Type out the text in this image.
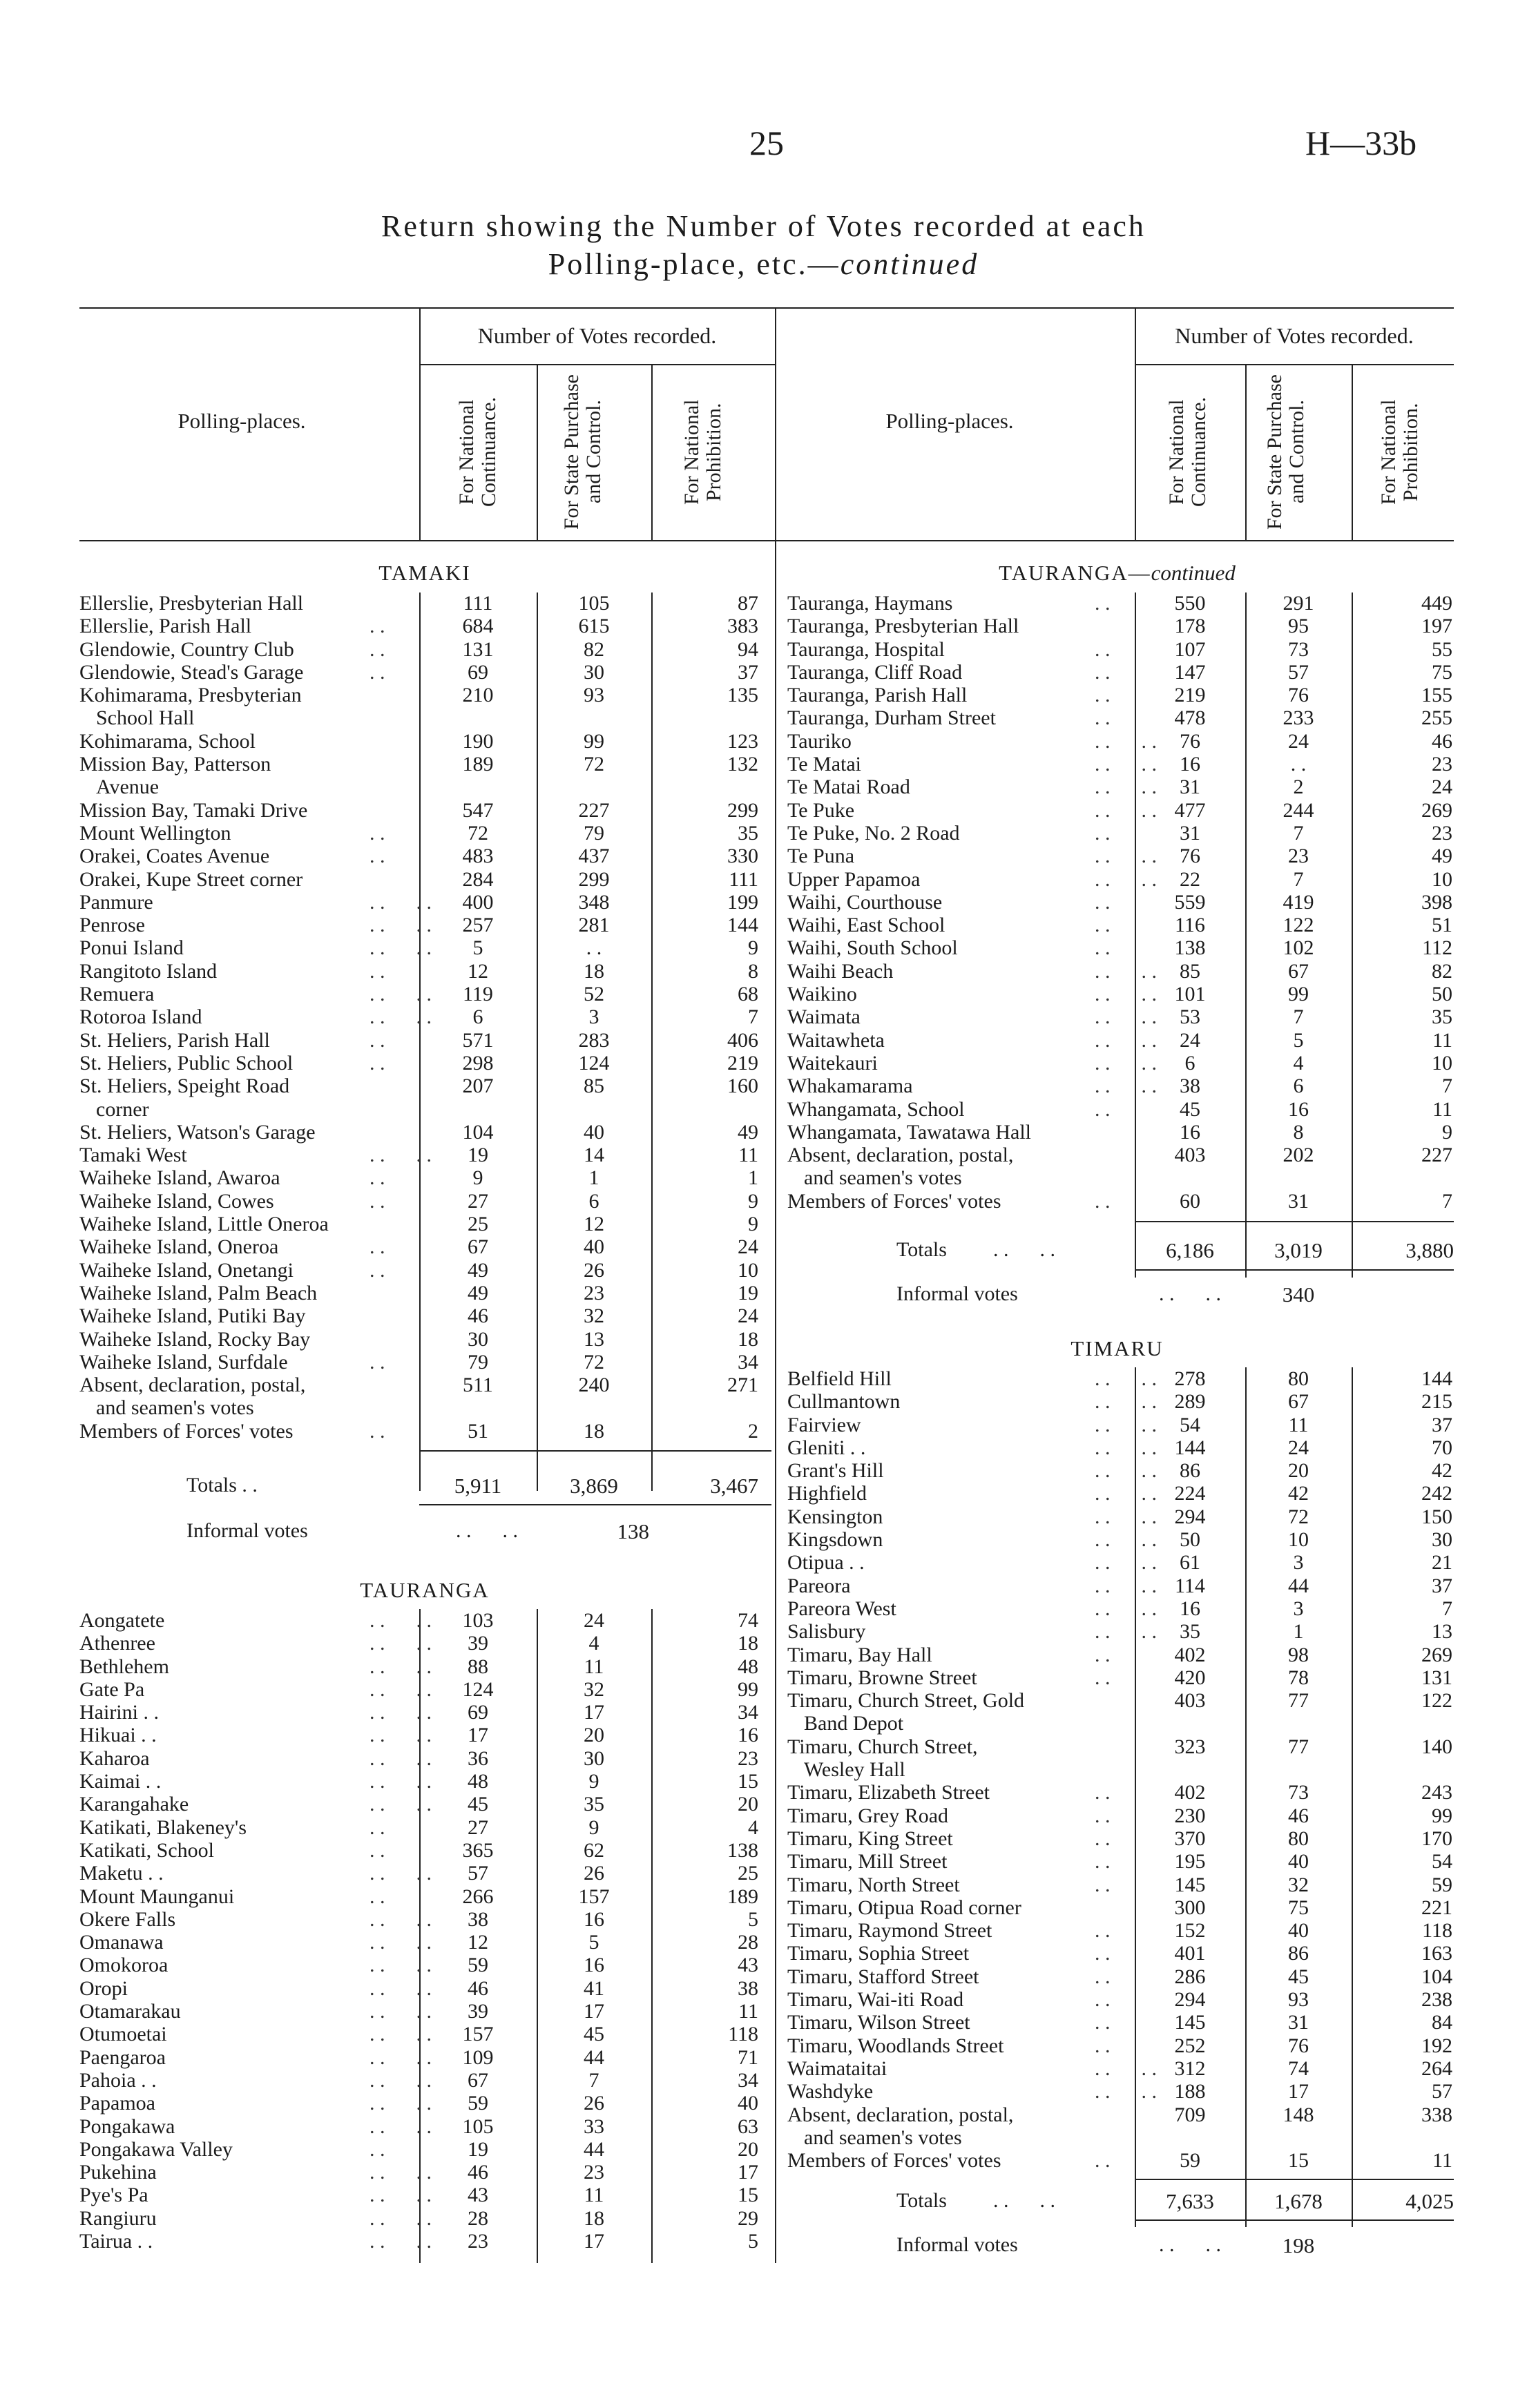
25	H—33b
Return showing the Number of Votes recorded at each
Polling-place, etc.—continued
Polling-places.
Number of Votes recorded.
For National Continuance.	For State Purchase and Control.	For National Prohibition.	Polling-places.
Number of Votes recorded.
For National Continuance.	For State Purchase and Control.	For National Prohibition.
TAMAKI
Ellerslie, Presbyterian Hall	111	105	87
Ellerslie, Parish Hall	. .	684	615	383
Glendowie, Country Club	. .	131	82	94
Glendowie, Stead's Garage	. .	69	30	37
Kohimarama, Presbyterian	210	93	135
School Hall
Kohimarama, School	190	99	123
Mission Bay, Patterson	189	72	132
Avenue
Mission Bay, Tamaki Drive	547	227	299
Mount Wellington	. .	72	79	35
Orakei, Coates Avenue	. .	483	437	330
Orakei, Kupe Street corner	284	299	111
Panmure	. .      . .	400	348	199
Penrose	. .      . .	257	281	144
Ponui Island	. .      . .	5	. .	9
Rangitoto Island	. .	12	18	8
Remuera	. .      . .	119	52	68
Rotoroa Island	. .      . .	6	3	7
St. Heliers, Parish Hall	. .	571	283	406
St. Heliers, Public School	. .	298	124	219
St. Heliers, Speight Road	207	85	160
corner
St. Heliers, Watson's Garage	104	40	49
Tamaki West	. .      . .	19	14	11
Waiheke Island, Awaroa	. .	9	1	1
Waiheke Island, Cowes	. .	27	6	9
Waiheke Island, Little Oneroa	25	12	9
Waiheke Island, Oneroa	. .	67	40	24
Waiheke Island, Onetangi	. .	49	26	10
Waiheke Island, Palm Beach	49	23	19
Waiheke Island, Putiki Bay	46	32	24
Waiheke Island, Rocky Bay	30	13	18
Waiheke Island, Surfdale	. .	79	72	34
Absent, declaration, postal,	511	240	271
and seamen's votes
Members of Forces' votes	. .	51	18	2
Totals . .	5,911	3,869	3,467
Informal votes	. .      . .	138
TAURANGA
Aongatete	. .      . .	103	24	74
Athenree	. .      . .	39	4	18
Bethlehem	. .      . .	88	11	48
Gate Pa	. .      . .	124	32	99
Hairini . .	. .      . .	69	17	34
Hikuai . .	. .      . .	17	20	16
Kaharoa	. .      . .	36	30	23
Kaimai . .	. .      . .	48	9	15
Karangahake	. .      . .	45	35	20
Katikati, Blakeney's	. .	27	9	4
Katikati, School	. .	365	62	138
Maketu . .	. .      . .	57	26	25
Mount Maunganui	. .	266	157	189
Okere Falls	. .      . .	38	16	5
Omanawa	. .      . .	12	5	28
Omokoroa	. .      . .	59	16	43
Oropi	. .      . .	46	41	38
Otamarakau	. .      . .	39	17	11
Otumoetai	. .      . .	157	45	118
Paengaroa	. .      . .	109	44	71
Pahoia . .	. .      . .	67	7	34
Papamoa	. .      . .	59	26	40
Pongakawa	. .      . .	105	33	63
Pongakawa Valley	. .	19	44	20
Pukehina	. .      . .	46	23	17
Pye's Pa	. .      . .	43	11	15
Rangiuru	. .      . .	28	18	29
Tairua . .	. .      . .	23	17	5
TAURANGA—continued
Tauranga, Haymans	. .	550	291	449
Tauranga, Presbyterian Hall	178	95	197
Tauranga, Hospital	. .	107	73	55
Tauranga, Cliff Road	. .	147	57	75
Tauranga, Parish Hall	. .	219	76	155
Tauranga, Durham Street	. .	478	233	255
Tauriko	. .      . .	76	24	46
Te Matai	. .      . .	16	. .	23
Te Matai Road	. .      . .	31	2	24
Te Puke	. .      . . 477	244	269
Te Puke, No. 2 Road	. .	31	7	23
Te Puna	. .      . .	76	23	49
Upper Papamoa	. .      . .	22	7	10
Waihi, Courthouse	. .	559	419	398
Waihi, East School	. .	116	122	51
Waihi, South School	. .	138	102	112
Waihi Beach	. .      . .	85	67	82
Waikino	. .      . . 101	99	50
Waimata	. .      . .	53	7	35
Waitawheta	. .      . .	24	5	11
Waitekauri	. .      . .	6	4	10
Whakamarama	. .      . .	38	6	7
Whangamata, School	. .	45	16	11
Whangamata, Tawatawa Hall	16	8	9
Absent, declaration, postal,	403	202	227
and seamen's votes
Members of Forces' votes	. .	60	31	7
Totals . .      . .	6,186	3,019	3,880
Informal votes	. .      . .	340
TIMARU
Belfield Hill	. .      . . 278	80	144
Cullmantown	. .      . . 289	67	215
Fairview	. .      . .	54	11	37
Gleniti . .	. .      . . 144	24	70
Grant's Hill	. .      . .	86	20	42
Highfield	. .      . . 224	42	242
Kensington	. .      . . 294	72	150
Kingsdown	. .      . .	50	10	30
Otipua . .	. .      . .	61	3	21
Pareora	. .      . . 114	44	37
Pareora West	. .      . .	16	3	7
Salisbury	. .      . .	35	1	13
Timaru, Bay Hall	. .	402	98	269
Timaru, Browne Street	. .	420	78	131
Timaru, Church Street, Gold	403	77	122
Band Depot
Timaru, Church Street,	323	77	140
Wesley Hall
Timaru, Elizabeth Street	. .	402	73	243
Timaru, Grey Road	. .	230	46	99
Timaru, King Street	. .	370	80	170
Timaru, Mill Street	. .	195	40	54
Timaru, North Street	. .	145	32	59
Timaru, Otipua Road corner	300	75	221
Timaru, Raymond Street	. .	152	40	118
Timaru, Sophia Street	. .	401	86	163
Timaru, Stafford Street	. .	286	45	104
Timaru, Wai-iti Road	. .	294	93	238
Timaru, Wilson Street	. .	145	31	84
Timaru, Woodlands Street	. .	252	76	192
Waimataitai	. .      . . 312	74	264
Washdyke	. .      . . 188	17	57
Absent, declaration, postal,	709	148	338
and seamen's votes
Members of Forces' votes	. .	59	15	11
Totals . .      . .	7,633	1,678	4,025
Informal votes	. .      . .	198
